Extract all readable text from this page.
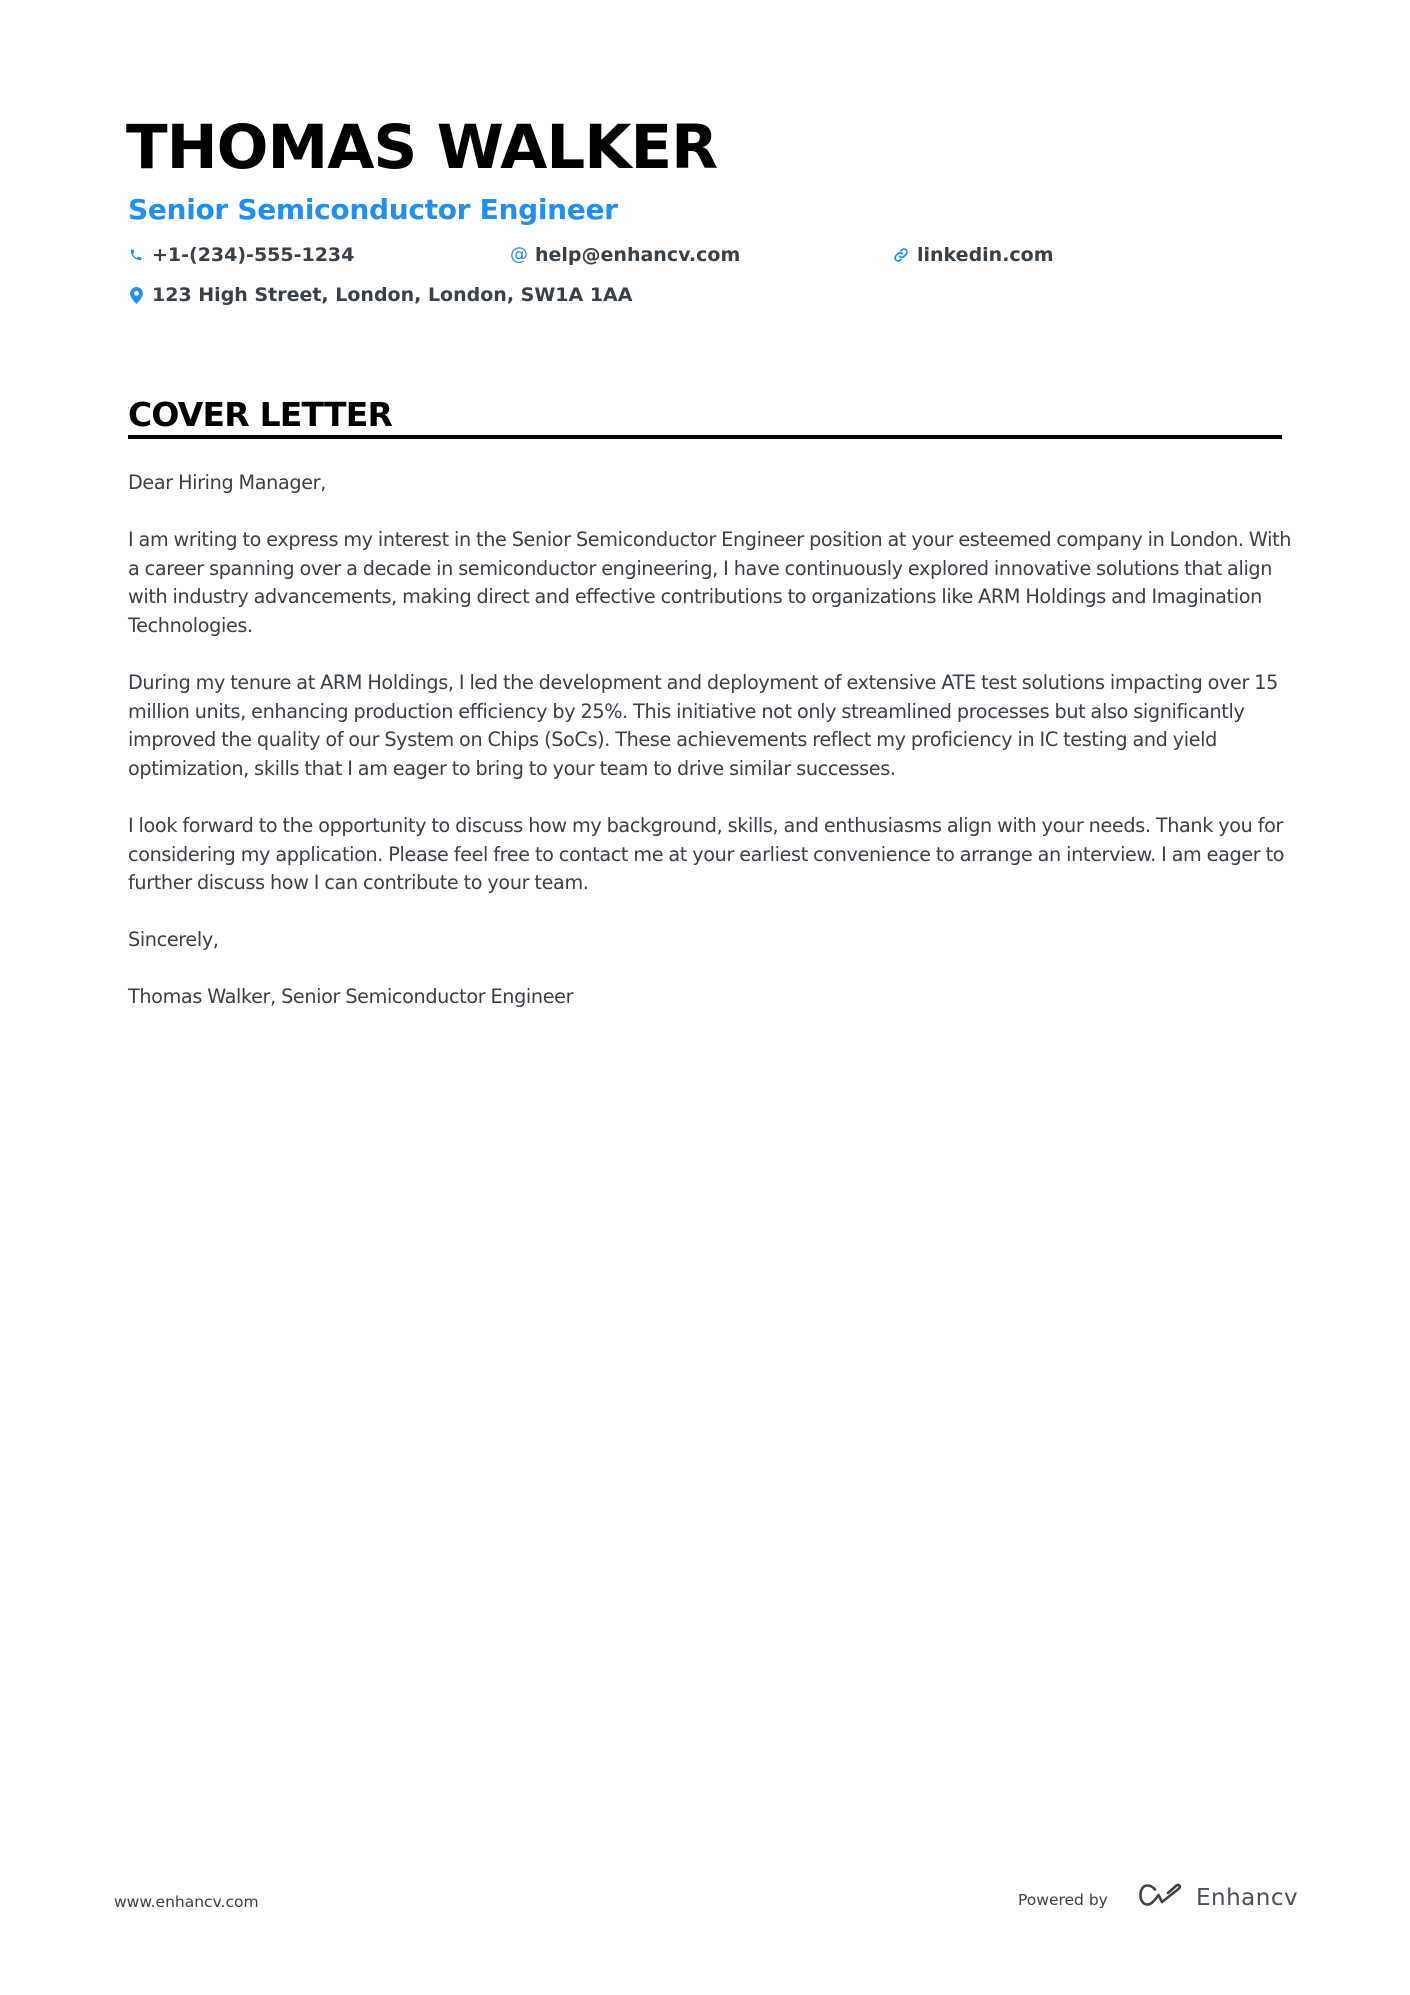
THOMAS WALKER
Senior Semiconductor Engineer
+1-(234)-555-1234	@ help@enhancv.com	linkedin.com
123 High Street, London, London, SW1A 1AA
COVER LETTER

Dear Hiring Manager,

I am writing to express my interest in the Senior Semiconductor Engineer position at your esteemed company in London. With a career spanning over a decade in semiconductor engineering, I have continuously explored innovative solutions that align with industry advancements, making direct and effective contributions to organizations like ARM Holdings and Imagination Technologies.

During my tenure at ARM Holdings, I led the development and deployment of extensive ATE test solutions impacting over 15 million units, enhancing production efficiency by 25%. This initiative not only streamlined processes but also significantly improved the quality of our System on Chips (SoCs). These achievements reflect my proficiency in IC testing and yield optimization, skills that I am eager to bring to your team to drive similar successes.

I look forward to the opportunity to discuss how my background, skills, and enthusiasms align with your needs. Thank you for considering my application. Please feel free to contact me at your earliest convenience to arrange an interview. I am eager to further discuss how I can contribute to your team.

Sincerely,

Thomas Walker, Senior Semiconductor Engineer

www.enhancv.com	Powered by	Enhancv
